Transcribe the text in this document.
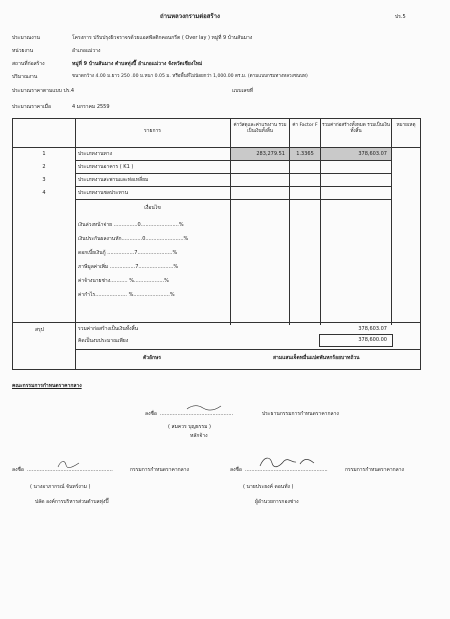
ถ่านหลวงกรามต่อสร้าง	ปร.5
ประมาณงาน	โครงการ ปรับปรุงผิวจราจรด้วยแอสฟัลติกคอนกรีต ( Over lay ) หมู่ที่ 9 บ้านสันมาง
หน่วยงาน	อำเภอแม่วาง
สถานที่ก่อสร้าง	หมู่ที่ 9 บ้านสันมาง ตำบลทุ่งปี๊ อำเภอแม่วาง จังหวัดเชียงใหม่
ปริมาณงาน	ขนาดกว้าง 4.00 ม.ยาว 250 .00 ม.หนา 0.05 ม. หรือพื้นที่ไม่น้อยกว่า 1,000.00 ตร.ม. (ตามแบบกรมทางหลวงชนบท)
ประมาณราคาตามแบบ ปร.4	แบบเลขที่
ประมาณราคาเมื่อ	4 มกราคม 2559
รายการ
ค่าวัสดุและค่าแรงงาน รวมเป็นเงินทั้งสิ้น
ค่า Factor F รวมค่าก่อสร้างทั้งหมด รวมเป็นเงินทั้งสิ้น
หมายเหตุ
1	ประเภทงานทาง	283,279.51	1.3365	378,603.07
2	ประเภทงานอาคาร ( K1 )
3	ประเภทงานสะพานและท่อเหลี่ยม
4	ประเภทงานชลประทาน
เงื่อนไข
เงินล่วงหน้าจ่าย ...............0........................%
เงินประกันผลงานหัก.............0........................%
ดอกเบี้ยเงินกู้ .................7......................%
ภาษีมูลค่าเพิ่ม ................7......................%
ค่าจ้างนายช่าง........... %...................%
ค่ากำไร.................... %.......................%
สรุป	รวมค่าก่อสร้างเป็นเงินทั้งสิ้น	378,603.07
คิดเป็นงบประมาณเพียง	378,600.00
ตัวอักษร	สามแสนเจ็ดหมื่นแปดพันหกร้อยบาทถ้วน
คณะกรรมการกำหนดราคากลาง
ลงชื่อ ..............................................	ประธานกรรมการกำหนดราคากลาง
( สมควร บุญธรรม )
หลักจ้าง
ลงชื่อ ......................................................	กรรมการกำหนดราคากลาง
( นางอาภากรณ์ จันทร์งาม )
ปลัด องค์การบริหารส่วนตำบลทุ่งปี๊
ลงชื่อ ....................................................	กรรมการกำหนดราคากลาง
( นายประยงค์ ดอนทั่ง )
ผู้อำนวยการกองช่าง
